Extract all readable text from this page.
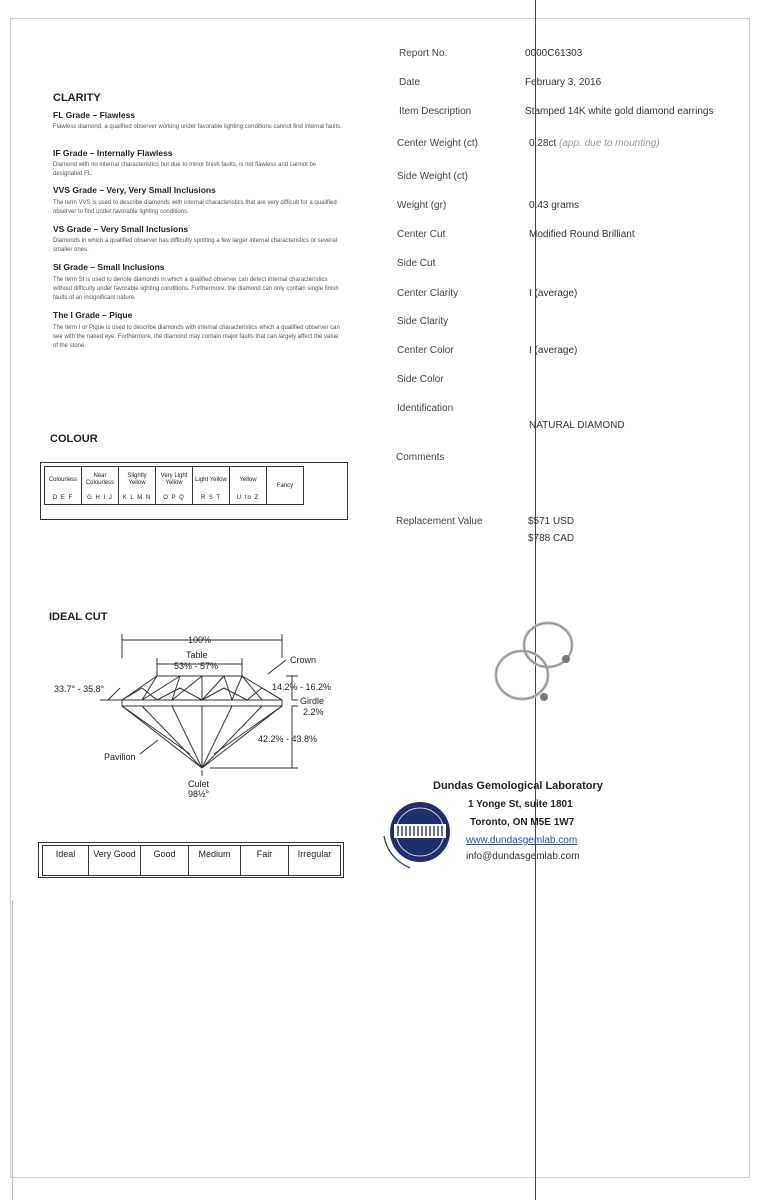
CLARITY
FL Grade – Flawless
Flawless diamond, a qualified observer working under favorable lighting conditions cannot find internal faults.
IF Grade – Internally Flawless
Diamond with no internal characteristics but due to minor finish faults, is not flawless and cannot be designated FL.
VVS Grade – Very, Very Small Inclusions
The term VVS is used to describe diamonds with internal characteristics that are very difficult for a qualified observer to find under favorable lighting conditions.
VS Grade – Very Small Inclusions
Diamonds in which a qualified observer has difficulty spotting a few larger internal characteristics or several smaller ones.
SI Grade – Small Inclusions
The term SI is used to denote diamonds in which a qualified observer can detect internal characteristics without difficulty under favorable lighting conditions. Furthermore, the diamond can only contain single finish faults of an insignificant nature.
The I Grade – Pique
The term I or Pique is used to describe diamonds with internal characteristics which a qualified observer can see with the naked eye. Furthermore, the diamond may contain major faults that can largely affect the value of the stone.
COLOUR
Colourless
D E F

Near Colourless
G H I J

Slightly Yellow
K L M N

Very Light Yellow
O P Q

Light Yellow
R S T

Yellow
U to Z
	Fancy
IDEAL CUT
100%
Table
53% - 57%
Crown
33.7° - 35.8°	14.2% - 16.2%
Girdle
2.2%
42.2% - 43.8%
Pavilion
Culet
98½°
Ideal	Very Good	Good	Medium	Fair	Irregular
Report No.	0000C61303
Date	February 3, 2016
Item Description	Stamped 14K white gold diamond earrings
Center Weight (ct)	0.28ct (app. due to mounting)
Side Weight (ct)
Weight (gr)	0.43 grams
Center Cut	Modified Round Brilliant
Side Cut
Center Clarity	I (average)
Side Clarity
Center Color	I (average)
Side Color
Identification
NATURAL DIAMOND
Comments
Replacement Value	$571 USD
$788 CAD
Dundas Gemological Laboratory
1 Yonge St, suite 1801
Toronto, ON M5E 1W7
www.dundasgemlab.com
info@dundasgemlab.com
